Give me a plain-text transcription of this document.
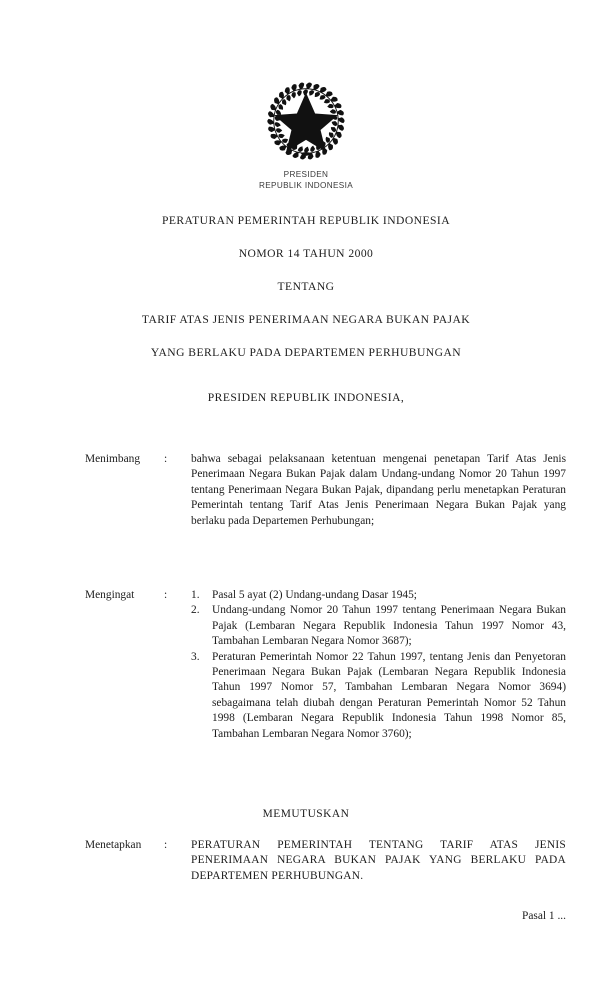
PRESIDEN
REPUBLIK INDONESIA
PERATURAN PEMERINTAH REPUBLIK INDONESIA
NOMOR 14 TAHUN 2000
TENTANG
TARIF ATAS JENIS PENERIMAAN NEGARA BUKAN PAJAK
YANG BERLAKU PADA DEPARTEMEN PERHUBUNGAN
PRESIDEN REPUBLIK INDONESIA,
Menimbang	:	bahwa sebagai pelaksanaan ketentuan mengenai penetapan Tarif Atas Jenis Penerimaan Negara Bukan Pajak dalam Undang-undang Nomor 20 Tahun 1997 tentang Penerimaan Negara Bukan Pajak, dipandang perlu menetapkan Peraturan Pemerintah tentang Tarif Atas Jenis Penerimaan Negara Bukan Pajak yang berlaku pada Departemen Perhubungan;

Mengingat	:	1.	Pasal 5 ayat (2) Undang-undang Dasar 1945;
2.	Undang-undang Nomor 20 Tahun 1997 tentang Penerimaan Negara Bukan Pajak (Lembaran Negara Republik Indonesia Tahun 1997 Nomor 43, Tambahan Lembaran Negara Nomor 3687);
3.	Peraturan Pemerintah Nomor 22 Tahun 1997, tentang Jenis dan Penyetoran Penerimaan Negara Bukan Pajak (Lembaran Negara Republik Indonesia Tahun 1997 Nomor 57, Tambahan Lembaran Negara Nomor 3694) sebagaimana telah diubah dengan Peraturan Pemerintah Nomor 52 Tahun 1998 (Lembaran Negara Republik Indonesia Tahun 1998 Nomor 85, Tambahan Lembaran Negara Nomor 3760);
MEMUTUSKAN
Menetapkan	:	PERATURAN PEMERINTAH TENTANG TARIF ATAS JENIS PENERIMAAN NEGARA BUKAN PAJAK YANG BERLAKU PADA DEPARTEMEN PERHUBUNGAN.

Pasal 1 ...
